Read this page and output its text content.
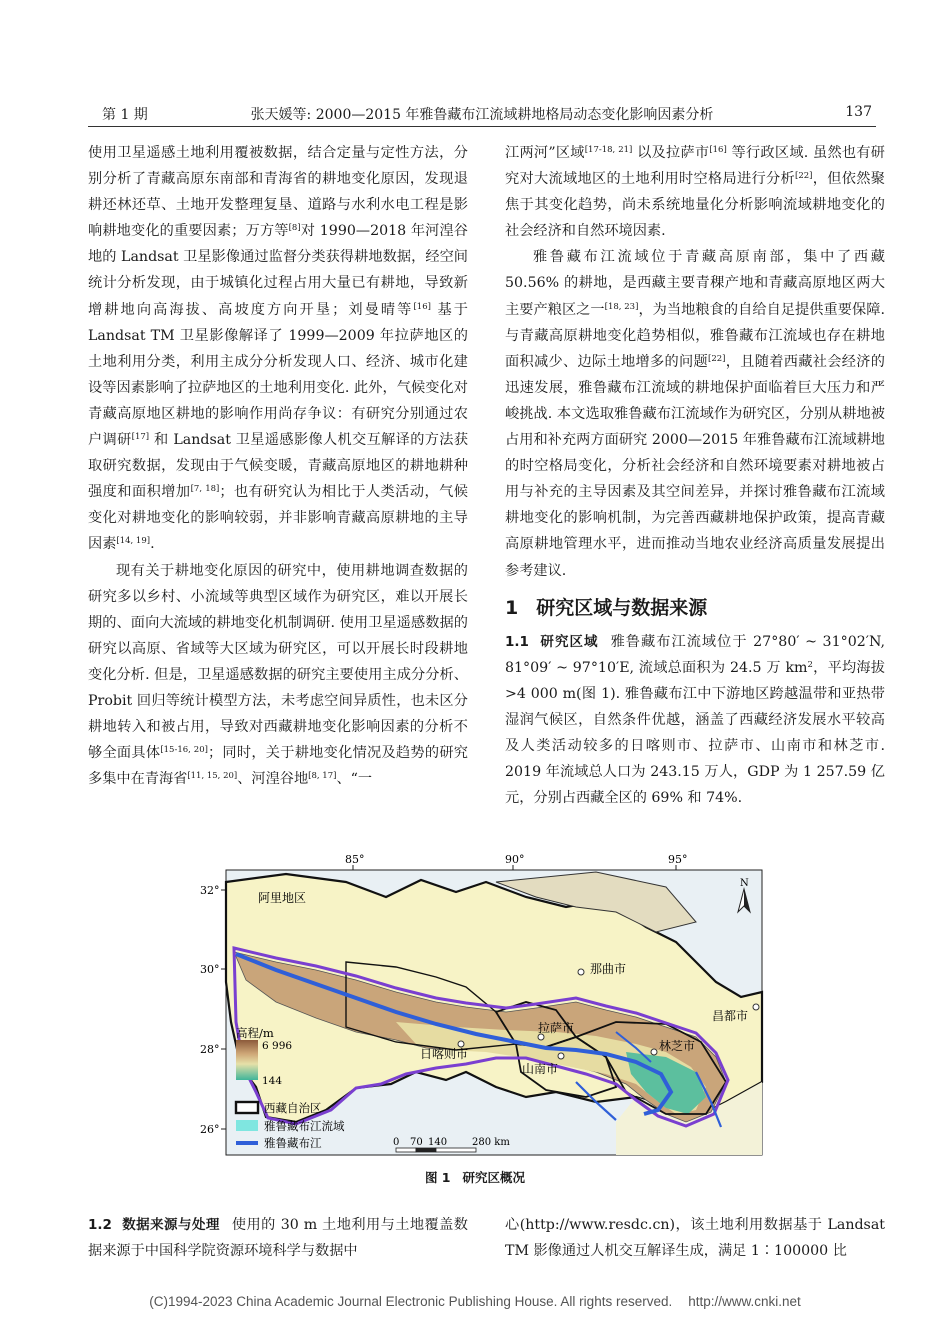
第 1 期	张天媛等: 2000—2015 年雅鲁藏布江流域耕地格局动态变化影响因素分析	137

使用卫星遥感土地利用覆被数据，结合定量与定性方法，分别分析了青藏高原东南部和青海省的耕地变化原因，发现退耕还林还草、土地开发整理复垦、道路与水利水电工程是影响耕地变化的重要因素；万方等[8]对 1990—2018 年河湟谷地的 Landsat 卫星影像通过监督分类获得耕地数据，经空间统计分析发现，由于城镇化过程占用大量已有耕地，导致新增耕地向高海拔、高坡度方向开垦；刘曼晴等[16] 基于 Landsat TM 卫星影像解译了 1999—2009 年拉萨地区的土地利用分类，利用主成分分析发现人口、经济、城市化建设等因素影响了拉萨地区的土地利用变化. 此外，气候变化对青藏高原地区耕地的影响作用尚存争议：有研究分别通过农户调研[17] 和 Landsat 卫星遥感影像人机交互解译的方法获取研究数据，发现由于气候变暖，青藏高原地区的耕地耕种强度和面积增加[7, 18]；也有研究认为相比于人类活动，气候变化对耕地变化的影响较弱，并非影响青藏高原耕地的主导因素[14, 19].

现有关于耕地变化原因的研究中，使用耕地调查数据的研究多以乡村、小流域等典型区域作为研究区，难以开展长期的、面向大流域的耕地变化机制调研. 使用卫星遥感数据的研究以高原、省域等大区域为研究区，可以开展长时段耕地变化分析. 但是，卫星遥感数据的研究主要使用主成分分析、Probit 回归等统计模型方法，未考虑空间异质性，也未区分耕地转入和被占用，导致对西藏耕地变化影响因素的分析不够全面具体[15-16, 20]；同时，关于耕地变化情况及趋势的研究多集中在青海省[11, 15, 20]、河湟谷地[8, 17]、“一

江两河”区域[17-18, 21] 以及拉萨市[16] 等行政区域. 虽然也有研究对大流域地区的土地利用时空格局进行分析[22]，但依然聚焦于其变化趋势，尚未系统地量化分析影响流域耕地变化的社会经济和自然环境因素.

雅鲁藏布江流域位于青藏高原南部，集中了西藏 50.56% 的耕地，是西藏主要青稞产地和青藏高原地区两大主要产粮区之一[18, 23]，为当地粮食的自给自足提供重要保障. 与青藏高原耕地变化趋势相似，雅鲁藏布江流域也存在耕地面积减少、边际土地增多的问题[22]，且随着西藏社会经济的迅速发展，雅鲁藏布江流域的耕地保护面临着巨大压力和严峻挑战. 本文选取雅鲁藏布江流域作为研究区，分别从耕地被占用和补充两方面研究 2000—2015 年雅鲁藏布江流域耕地的时空格局变化，分析社会经济和自然环境要素对耕地被占用与补充的主导因素及其空间差异，并探讨雅鲁藏布江流域耕地变化的影响机制，为完善西藏耕地保护政策，提高青藏高原耕地管理水平，进而推动当地农业经济高质量发展提出参考建议.

1 研究区域与数据来源

1.1 研究区域 雅鲁藏布江流域位于 27°80′ ~ 31°02′N, 81°09′ ~ 97°10′E, 流域总面积为 24.5 万 $km^2$，平均海拔>4 000 m(图 1). 雅鲁藏布江中下游地区跨越温带和亚热带湿润气候区，自然条件优越，涵盖了西藏经济发展水平较高及人类活动较多的日喀则市、拉萨市、山南市和林芝市. 2019 年流域总人口为 243.15 万人，GDP 为 1 257.59 亿元，分别占西藏全区的 69% 和 74%.

85°	90°	95°
32°
30°
28°
26°
阿里地区
那曲市
昌都市
拉萨市
日喀则市
山南市
林芝市
N
高程/m
6 996
144
西藏自治区
雅鲁藏布江流域
雅鲁藏布江	0 70 140 280 km
图 1 研究区概况

1.2 数据来源与处理 使用的 30 m 土地利用与土地覆盖数据来源于中国科学院资源环境科学与数据中

心(http://www.resdc.cn)，该土地利用数据基于 Landsat TM 影像通过人机交互解译生成，满足 1∶100000 比

(C)1994-2023 China Academic Journal Electronic Publishing House. All rights reserved. http://www.cnki.net
